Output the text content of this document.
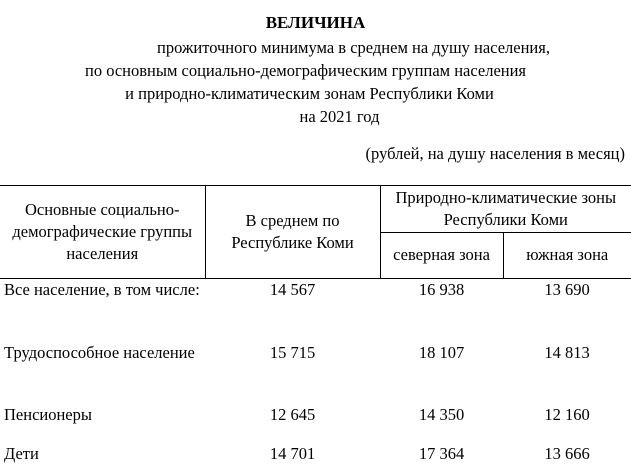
ВЕЛИЧИНА
прожиточного минимума в среднем на душу населения,
по основным социально-демографическим группам населения
и природно-климатическим зонам Республики Коми
на 2021 год
(рублей, на душу населения в месяц)
Основные социально-демографические группы населения	В среднем по Республике Коми	Природно-климатические зоны Республики Коми	
		северная зона	южная зона
Все население, в том числе:	14 567	16 938	13 690
Трудоспособное население	15 715	18 107	14 813
Пенсионеры	12 645	14 350	12 160
Дети	14 701	17 364	13 666
